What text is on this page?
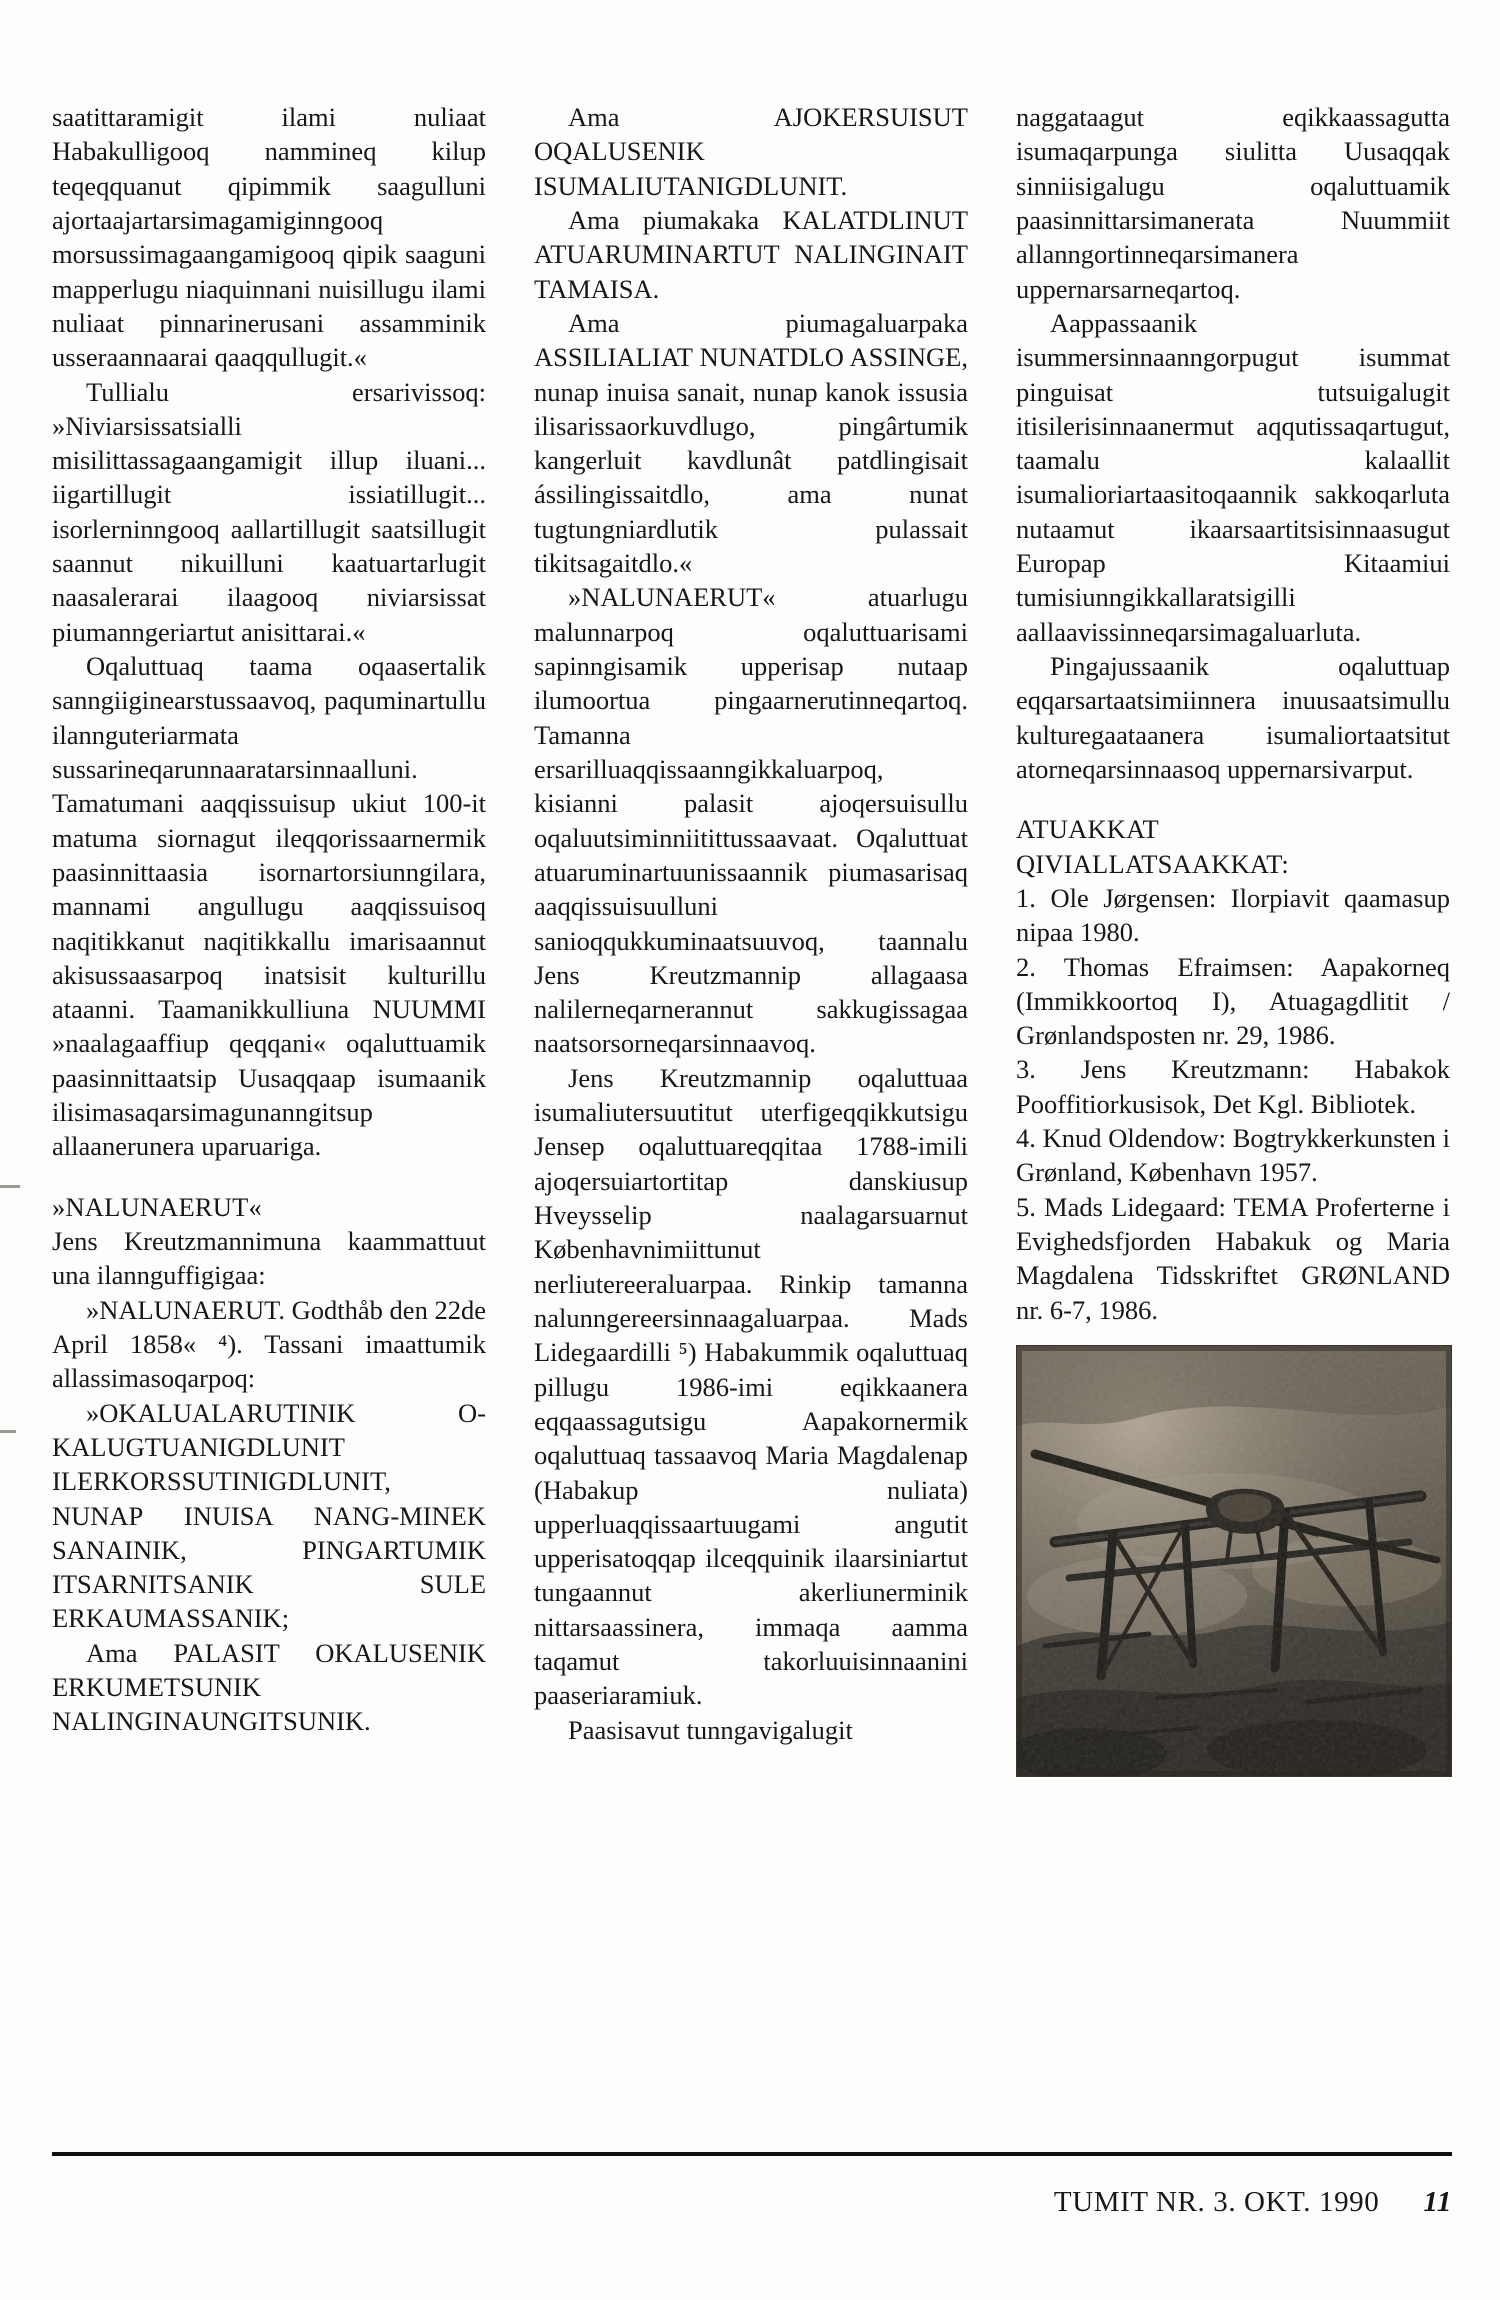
saatittaramigit ilami nuliaat Habakulligooq nammineq kilup teqeqquanut qipimmik saagulluni ajortaajartarsimagamiginngooq morsussimagaangamigooq qipik saaguni mapperlugu niaquinnani nuisillugu ilami nuliaat pinnarinerusani assamminik usseraannaarai qaaqqullugit.«

Tullialu ersarivissoq: »Niviarsissatsialli misilittassagaangamigit illup iluani... iigartillugit issiatillugit... isorlerninngooq aallartillugit saatsillugit saannut nikuilluni kaatuartarlugit naasalerarai ilaagooq niviarsissat piumanngeriartut anisittarai.«

Oqaluttuaq taama oqaasertalik sanngiiginearstussaavoq, paquminartullu ilannguteriarmata sussarineqarunnaaratarsinnaalluni. Tamatumani aaqqissuisup ukiut 100-it matuma siornagut ileqqorissaarnermik paasinnittaasia isornartorsiunngilara, mannami angullugu aaqqissuisoq naqitikkanut naqitikkallu imarisaannut akisussaasarpoq inatsisit kulturillu ataanni. Taamanikkulliuna NUUMMI »naalagaaffiup qeqqani« oqaluttuamik paasinnittaatsip Uusaqqaap isumaanik ilisimasaqarsimagunanngitsup allaanerunera uparuariga.

»NALUNAERUT«

Jens Kreutzmannimuna kaammattuut una ilannguffigigaa:

»NALUNAERUT. Godthåb den 22de April 1858« ⁴). Tassani imaattumik allassimasoqarpoq:

»OKALUALARUTINIK O-KALUGTUANIGDLUNIT ILERKORSSUTINIGDLUNIT, NUNAP INUISA NANG-MINEK SANAINIK, PINGARTUMIK ITSARNITSANIK SULE ERKAUMASSANIK;

Ama PALASIT OKALUSENIK ERKUMETSUNIK NALINGINAUNGITSUNIK.

Ama AJOKERSUISUT OQALUSENIK ISUMALIUTANIGDLUNIT.

Ama piumakaka KALATDLINUT ATUARUMINARTUT NALINGINAIT TAMAISA.

Ama piumagaluarpaka ASSILIALIAT NUNATDLO ASSINGE, nunap inuisa sanait, nunap kanok issusia ilisarissaorkuvdlugo, pingârtumik kangerluit kavdlunât patdlingisait ássilingissaitdlo, ama nunat tugtungniardlutik pulassait tikitsagaitdlo.«

»NALUNAERUT« atuarlugu malunnarpoq oqaluttuarisami sapinngisamik upperisap nutaap ilumoortua pingaarnerutinneqartoq. Tamanna ersarilluaqqissaanngikkaluarpoq, kisianni palasit ajoqersuisullu oqaluutsiminniitittussaavaat. Oqaluttuat atuaruminartuunissaannik piumasarisaq aaqqissuisuulluni sanioqqukkuminaatsuuvoq, taannalu Jens Kreutzmannip allagaasa nalilerneqarnerannut sakkugissagaa naatsorsorneqarsinnaavoq.

Jens Kreutzmannip oqaluttuaa isumaliutersuutitut uterfigeqqikkutsigu Jensep oqaluttuareqqitaa 1788-imili ajoqersuiartortitap danskiusup Hveysselip naalagarsuarnut Københavnimiittunut nerliutereeraluarpaa. Rinkip tamanna nalunngereersinnaagaluarpaa. Mads Lidegaardilli ⁵) Habakummik oqaluttuaq pillugu 1986-imi eqikkaanera eqqaassagutsigu Aapakornermik oqaluttuaq tassaavoq Maria Magdalenap (Habakup nuliata) upperluaqqissaartuugami angutit upperisatoqqap ilceqquinik ilaarsiniartut tungaannut akerliunerminik nittarsaassinera, immaqa aamma taqamut takorluuisinnaanini paaseriaramiuk.

Paasisavut tunngavigalugit

naggataagut eqikkaassagutta isumaqarpunga siulitta Uusaqqak sinniisigalugu oqaluttuamik paasinnittarsimanerata Nuummiit allanngortinneqarsimanera uppernarsarneqartoq.

Aappassaanik isummersinnaanngorpugut isummat pinguisat tutsuigalugit itisilerisinnaanermut aqqutissaqartugut, taamalu kalaallit isumalioriartaasitoqaannik sakkoqarluta nutaamut ikaarsaartitsisinnaasugut Europap Kitaamiui tumisiunngikkallaratsigilli aallaavissinneqarsimagaluarluta.

Pingajussaanik oqaluttuap eqqarsartaatsimiinnera inuusaatsimullu kulturegaataanera isumaliortaatsitut atorneqarsinnaasoq uppernarsivarput.

ATUAKKAT

QIVIALLATSAAKKAT:

1. Ole Jørgensen: Ilorpiavit qaamasup nipaa 1980.

2. Thomas Efraimsen: Aapakorneq (Immikkoortoq I), Atuagagdlitit / Grønlandsposten nr. 29, 1986.

3. Jens Kreutzmann: Habakok Pooffitiorkusisok, Det Kgl. Bibliotek.

4. Knud Oldendow: Bogtrykkerkunsten i Grønland, København 1957.

5. Mads Lidegaard: TEMA Proferterne i Evighedsfjorden Habakuk og Maria Magdalena Tidsskriftet GRØNLAND nr. 6-7, 1986.

TUMIT NR. 3. OKT. 1990 11
